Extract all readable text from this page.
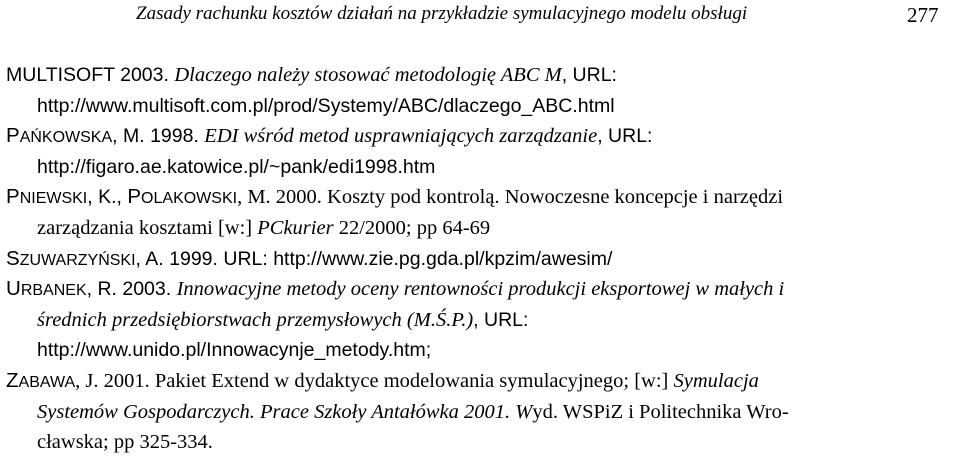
Zasady rachunku kosztów działań na przykładzie symulacyjnego modelu obsługi	277
MULTISOFT 2003. Dlaczego należy stosować metodologię ABC M, URL:
http://www.multisoft.com.pl/prod/Systemy/ABC/dlaczego_ABC.html
PAŃKOWSKA, M. 1998. EDI wśród metod usprawniających zarządzanie, URL:
http://figaro.ae.katowice.pl/~pank/edi1998.htm
PNIEWSKI, K., POLAKOWSKI, M. 2000. Koszty pod kontrolą. Nowoczesne koncepcje i narzędzi
zarządzania kosztami [w:] PCkurier 22/2000; pp 64-69
SZUWARZYŃSKI, A. 1999. URL: http://www.zie.pg.gda.pl/kpzim/awesim/
URBANEK, R. 2003. Innowacyjne metody oceny rentowności produkcji eksportowej w małych i
średnich przedsiębiorstwach przemysłowych (M.Ś.P.), URL:
http://www.unido.pl/Innowacynje_metody.htm;
ZABAWA, J. 2001. Pakiet Extend w dydaktyce modelowania symulacyjnego; [w:] Symulacja
Systemów Gospodarczych. Prace Szkoły Antałówka 2001. Wyd. WSPiZ i Politechnika Wro-
cławska; pp 325-334.
